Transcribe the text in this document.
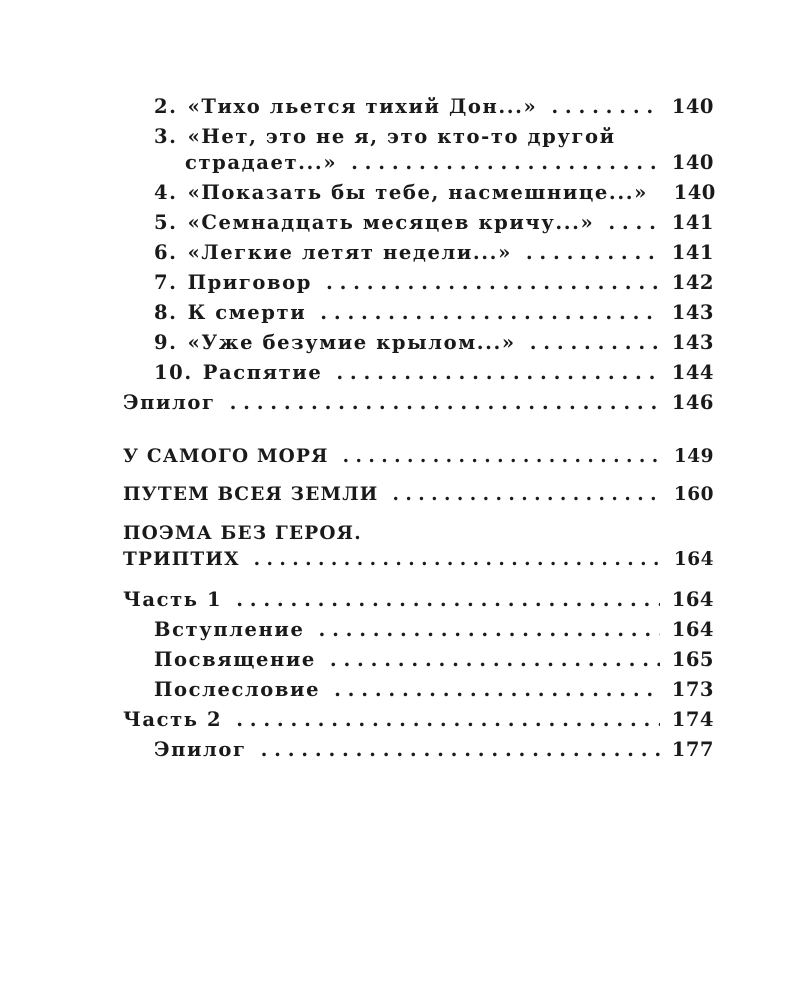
2. «Тихо льется тихий Дон...» . . .	140
3. «Нет, это не я, это кто-то другой
страдает...» . . .	140
4. «Показать бы тебе, насмешнице...» 140
5. «Семнадцать месяцев кричу...» . . .	141
6. «Легкие летят недели...» . . .	141
7. Приговор . . .	142
8. К смерти . . .	143
9. «Уже безумие крылом...» . . .	143
10. Распятие . . .	144
Эпилог . . .	146
У САМОГО МОРЯ . . .	149
ПУТЕМ ВСЕЯ ЗЕМЛИ . . .	160
ПОЭМА БЕЗ ГЕРОЯ.
ТРИПТИХ . . .	164
Часть 1 . . .	164
Вступление . . .	164
Посвящение . . .	165
Послесловие . . .	173
Часть 2 . . .	174
Эпилог . . .	177
